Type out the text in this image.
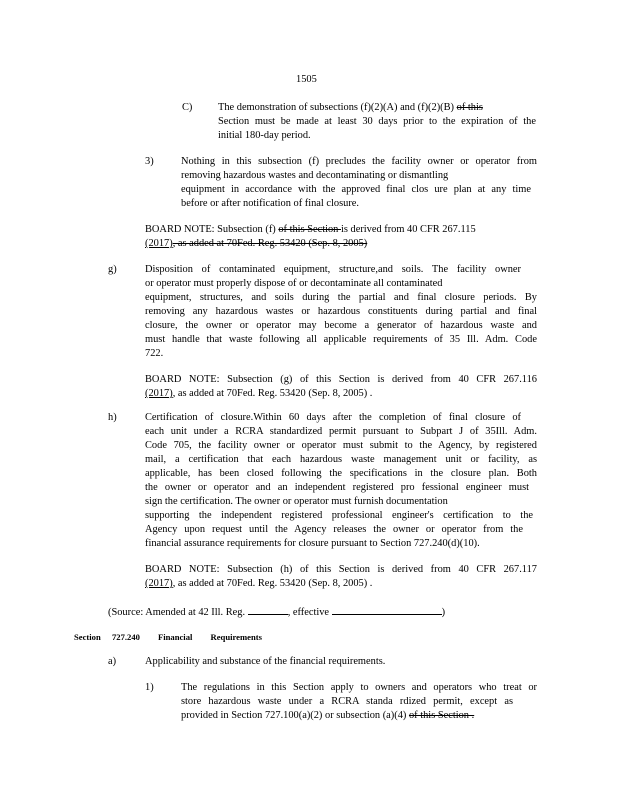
1505
C) The demonstration of subsections (f)(2)(A) and (f)(2)(B) of this
Section must be made at least 30 days prior to the expiration of the
initial 180-day period.
3)	Nothing in this subsection (f) precludes the facility owner or operator from
removing hazardous wastes and decontaminating or dismantling
equipment in accordance with the approved final clos ure plan at any time
before or after notification of final closure.
BOARD NOTE: Subsection (f) of this Section is derived from 40 CFR 267.115
(2017), as added at 70Fed. Reg. 53420 (Sep. 8, 2005)
g)	Disposition of contaminated equipment, structure,and soils. The facility owner
or operator must properly dispose of or decontaminate all contaminated
equipment, structures, and soils during the partial and final closure periods. By
removing any hazardous wastes or hazardous constituents during partial and final
closure, the owner or operator may become a generator of hazardous waste and
must handle that waste following all applicable requirements of 35 Ill. Adm. Code
722.
BOARD NOTE: Subsection (g) of this Section is derived from 40 CFR 267.116
(2017), as added at 70Fed. Reg. 53420 (Sep. 8, 2005) .
h)	Certification of closure.Within 60 days after the completion of final closure of
each unit under a RCRA standardized permit pursuant to Subpart J of 35Ill. Adm.
Code 705, the facility owner or operator must submit to the Agency, by registered
mail, a certification that each hazardous waste management unit or facility, as
applicable, has been closed following the specifications in the closure plan. Both
the owner or operator and an independent registered pro fessional engineer must
sign the certification. The owner or operator must furnish documentation
supporting the independent registered professional engineer's certification to the
Agency upon request until the Agency releases the owner or operator from the
financial assurance requirements for closure pursuant to Section 727.240(d)(10).
BOARD NOTE: Subsection (h) of this Section is derived from 40 CFR 267.117
(2017), as added at 70Fed. Reg. 53420 (Sep. 8, 2005) .
(Source: Amended at 42 Ill. Reg.	, effective	)
Section 727.240 Financial Requirements
a)	Applicability and substance of the financial requirements.
1)	The regulations in this Section apply to owners and operators who treat or
store hazardous waste under a RCRA standa rdized permit, except as
provided in Section 727.100(a)(2) or subsection (a)(4) of this Section .
